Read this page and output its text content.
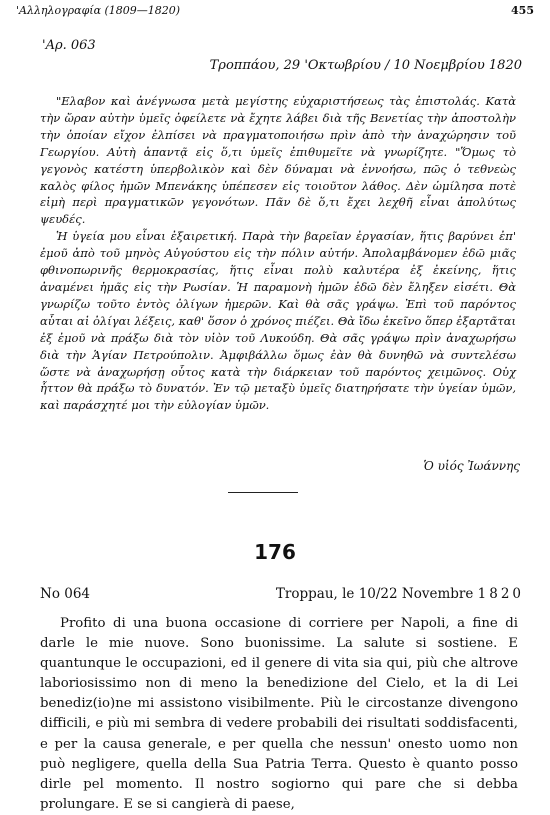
'Αλληλογραφία (1809—1820)	455
'Αρ. 063
Τροππάου, 29 'Οκτωβρίου / 10 Νοεμβρίου 1820

"Ελαβον καὶ ἀνέγνωσα μετὰ μεγίστης εὐχαριστήσεως τὰς ἐπιστολάς. Κατὰ τὴν ὥραν αὐτὴν ὑμεῖς ὀφείλετε νὰ ἔχητε λάβει διὰ τῆς Βενετίας τὴν ἀποστολὴν τὴν ὁποίαν εἴχον ἐλπίσει νὰ πραγματοποιήσω πρὶν ἀπὸ τὴν ἀναχώρησιν τοῦ Γεωργίου. Αὐτὴ ἀπαντᾷ εἰς ὅ,τι ὑμεῖς ἐπιθυμεῖτε νὰ γνωρίζητε. "Ὅμως τὸ γεγονὸς κατέστη ὑπερβολικὸν καὶ δὲν δύναμαι νὰ ἐννοήσω, πῶς ὁ τεθνεὼς καλὸς φίλος ἡμῶν Μπενάκης ὑπέπεσεν εἰς τοιοῦτον λάθος. Δὲν ὡμίλησα ποτὲ εἰμὴ περὶ πραγματικῶν γεγονότων. Πᾶν δὲ ὅ,τι ἔχει λεχθῆ εἶναι ἀπολύτως ψευδές.

Ἡ ὑγεία μου εἶναι ἐξαιρετική. Παρὰ τὴν βαρεῖαν ἐργασίαν, ἥτις βαρύνει ἐπ' ἐμοῦ ἀπὸ τοῦ μηνὸς Αὐγούστου εἰς τὴν πόλιν αὐτήν. Ἀπολαμβάνομεν ἐδῶ μιᾶς φθινοπωρινῆς θερμοκρασίας, ἥτις εἶναι πολὺ καλυτέρα ἐξ ἐκείνης, ἥτις ἀναμένει ἡμᾶς εἰς τὴν Ρωσίαν. Ἡ παραμονὴ ἡμῶν ἐδῶ δὲν ἔληξεν εἰσέτι. Θὰ γνωρίζω τοῦτο ἐντὸς ὀλίγων ἡμερῶν. Καὶ θὰ σᾶς γράψω. Ἐπὶ τοῦ παρόντος αὗται αἱ ὀλίγαι λέξεις, καθ' ὅσον ὁ χρόνος πιέζει. Θὰ ἴδω ἐκεῖνο ὅπερ ἐξαρτᾶται ἐξ ἐμοῦ νὰ πράξω διὰ τὸν υἱὸν τοῦ Λυκούδη. Θὰ σᾶς γράψω πρὶν ἀναχωρήσω διὰ τὴν Ἁγίαν Πετρούπολιν. Ἀμφιβάλλω ὅμως ἐὰν θὰ δυνηθῶ νὰ συντελέσω ὥστε νὰ ἀναχωρήσῃ οὗτος κατὰ τὴν διάρκειαν τοῦ παρόντος χειμῶνος. Οὐχ ἧττον θὰ πράξω τὸ δυνατόν. Ἐν τῷ μεταξὺ ὑμεῖς διατηρήσατε τὴν ὑγείαν ὑμῶν, καὶ παράσχητέ μοι τὴν εὐλογίαν ὑμῶν.

Ὁ υἱός Ἰωάννης
176
No 064	Troppau, le 10/22 Novembre 1820

Profito di una buona occasione di corriere per Napoli, a fine di darle le mie nuove. Sono buonissime. La salute si sostiene. E quantunque le occupazioni, ed il genere di vita sia qui, più che altrove laboriosissimo non di meno la benedizione del Cielo, et la di Lei benediz(io)ne mi assistono visibilmente. Più le circostanze divengono difficili, e più mi sembra di vedere probabili dei risultati soddisfacenti, e per la causa generale, e per quella che nessun' onesto uomo non può negligere, quella della Sua Patria Terra. Questo è quanto posso dirle pel momento. Il nostro sogiorno qui pare che si debba prolungare. E se si cangierà di paese,
